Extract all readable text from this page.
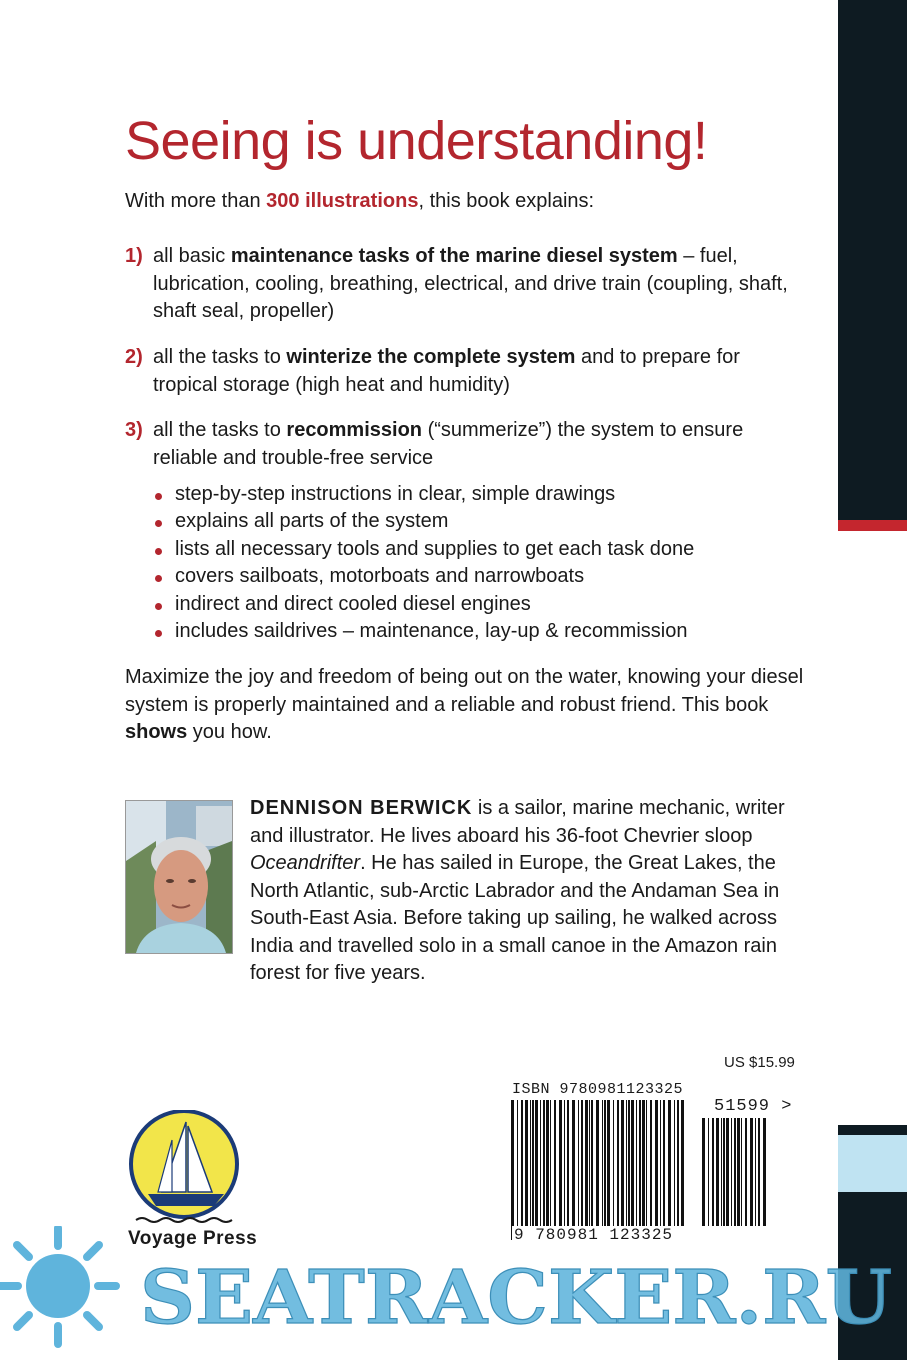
Seeing is understanding!
With more than 300 illustrations, this book explains:
1) all basic maintenance tasks of the marine diesel system – fuel, lubrication, cooling, breathing, electrical, and drive train (coupling, shaft, shaft seal, propeller)
2) all the tasks to winterize the complete system and to prepare for tropical storage (high heat and humidity)
3) all the tasks to recommission (“summerize”) the system to ensure reliable and trouble-free service
step-by-step instructions in clear, simple drawings
explains all parts of the system
lists all necessary tools and supplies to get each task done
covers sailboats, motorboats and narrowboats
indirect and direct cooled diesel engines
includes saildrives – maintenance, lay-up & recommission
Maximize the joy and freedom of being out on the water, knowing your diesel system is properly maintained and a reliable and robust friend. This book shows you how.
DENNISON BERWICK is a sailor, marine mechanic, writer and illustrator. He lives aboard his 36-foot Chevrier sloop Oceandrifter. He has sailed in Europe, the Great Lakes, the North Atlantic, sub-Arctic Labrador and the Andaman Sea in South-East Asia. Before taking up sailing, he walked across India and travelled solo in a small canoe in the Amazon rain forest for five years.
US $15.99
ISBN 9780981123325
51599 >
9 780981 123325
Voyage Press
SEATRACKER.RU
